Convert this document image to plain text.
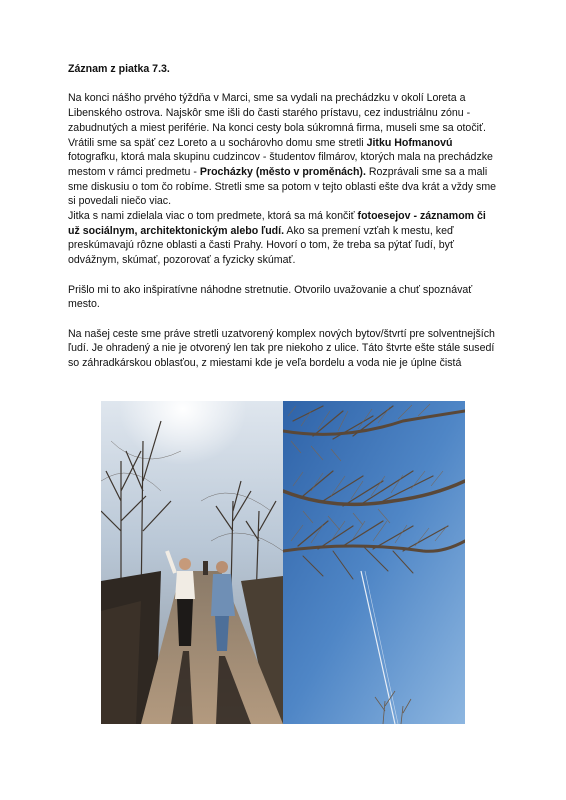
Záznam z piatka 7.3.

Na konci nášho prvého týždňa v Marci, sme sa vydali na prechádzku v okolí Loreta a Libenského ostrova. Najskôr sme išli do časti starého prístavu, cez industriálnu zónu - zabudnutých a miest periférie. Na konci cesty bola súkromná firma, museli sme sa otočiť. Vrátili sme sa späť cez Loreto a u sochárovho domu sme stretli Jitku Hofmanovú fotografku, ktorá mala skupinu cudzincov - študentov filmárov, ktorých mala na prechádzke mestom v rámci predmetu - Procházky (město v proměnách). Rozprávali sme sa a mali sme diskusiu o tom čo robíme. Stretli sme sa potom v tejto oblasti ešte dva krát a vždy sme si povedali niečo viac.
Jitka s nami zdielala viac o tom predmete, ktorá sa má končiť fotoesejov - záznamom či už sociálnym, architektonickým alebo ľudí. Ako sa premení vzťah k mestu, keď preskúmavajú rôzne oblasti a časti Prahy. Hovorí o tom, že treba sa pýtať ľudí, byť odvážnym, skúmať, pozorovať a fyzicky skúmať.

Prišlo mi to ako inšpiratívne náhodne stretnutie. Otvorilo uvažovanie a chuť spoznávať mesto.

Na našej ceste sme práve stretli uzatvorený komplex nových bytov/štvrtí pre solventnejších ľudí. Je ohradený a nie je otvorený len tak pre niekoho z ulice. Táto štvrte ešte stále susedí so záhradkárskou oblasťou, z miestami kde je veľa bordelu a voda nie je úplne čistá
